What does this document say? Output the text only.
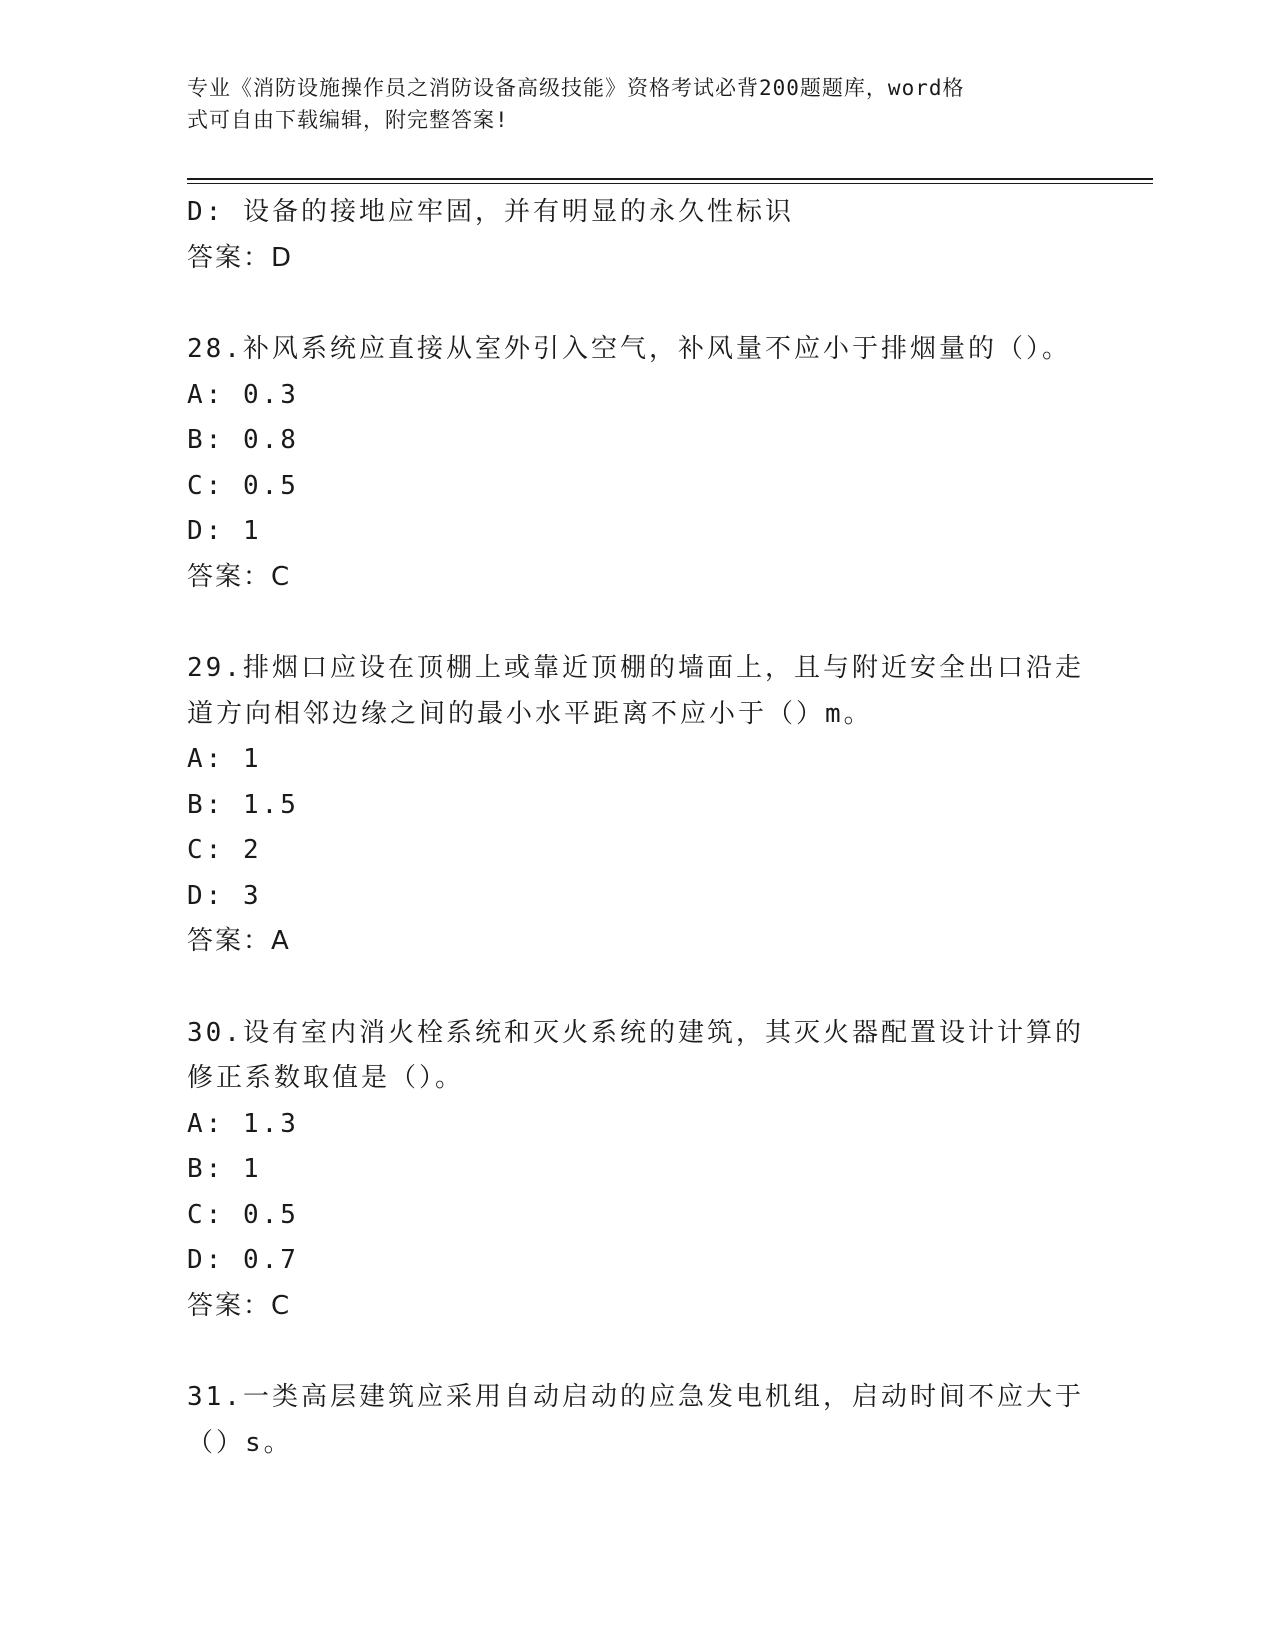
专业《消防设施操作员之消防设备高级技能》资格考试必背200题题库，word格
式可自由下载编辑，附完整答案!
D: 设备的接地应牢固，并有明显的永久性标识
答案：D
28.补风系统应直接从室外引入空气，补风量不应小于排烟量的（）。
A: 0.3
B: 0.8
C: 0.5
D: 1
答案：C
29.排烟口应设在顶棚上或靠近顶棚的墙面上，且与附近安全出口沿走
道方向相邻边缘之间的最小水平距离不应小于（）m。
A: 1
B: 1.5
C: 2
D: 3
答案：A
30.设有室内消火栓系统和灭火系统的建筑，其灭火器配置设计计算的
修正系数取值是（）。
A: 1.3
B: 1
C: 0.5
D: 0.7
答案：C
31.一类高层建筑应采用自动启动的应急发电机组，启动时间不应大于
（）s。
